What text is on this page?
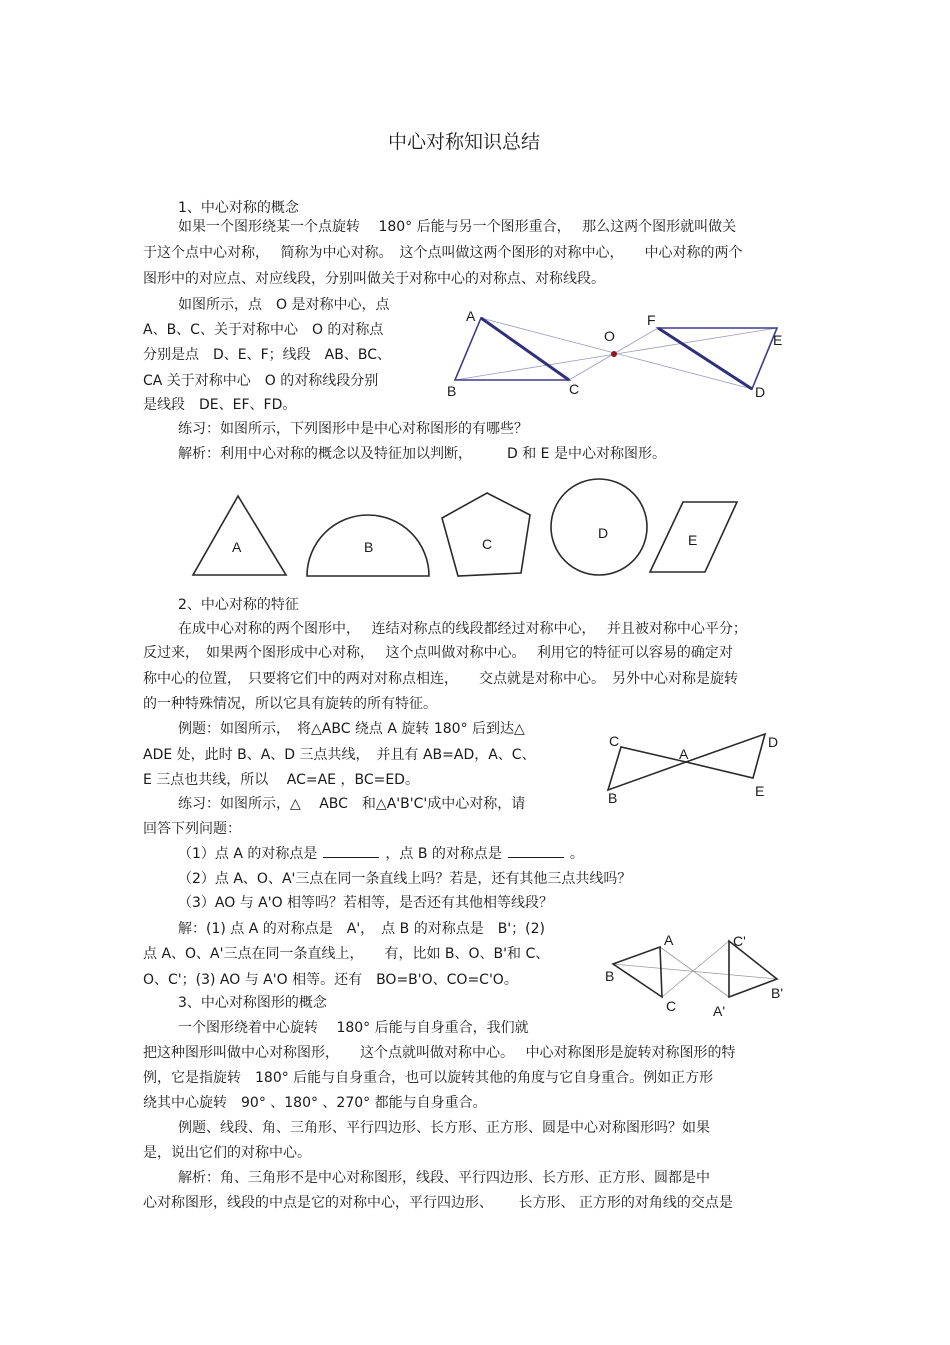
中心对称知识总结
1、中心对称的概念
如果一个图形绕某一个点旋转　 180° 后能与另一个图形重合，　 那么这两个图形就叫做关
于这个点中心对称，　 简称为中心对称。　这个点叫做这两个图形的对称中心，　　中心对称的两个
图形中的对应点、对应线段，分别叫做关于对称中心的对称点、对称线段。
如图所示，点　O 是对称中心，点
A、B、C、关于对称中心　O 的对称点
分别是点　D、E、F；线段　AB、BC、
CA 关于对称中心　O 的对称线段分别
是线段　DE、EF、FD。
A
B	C
O
F
E
D
练习：如图所示，下列图形中是中心对称图形的有哪些？
解析：利用中心对称的概念以及特征加以判断，　　　D 和 E 是中心对称图形。
A	B	C
D	E
2、中心对称的特征
在成中心对称的两个图形中，　 连结对称点的线段都经过对称中心，　 并且被对称中心平分；
反过来，　如果两个图形成中心对称，　 这个点叫做对称中心。　 利用它的特征可以容易的确定对
称中心的位置，　只要将它们中的两对对称点相连，　　交点就是对称中心。　另外中心对称是旋转
的一种特殊情况，所以它具有旋转的所有特征。
例题：如图所示，　将△ABC 绕点 A 旋转 180° 后到达△
ADE 处，此时 B、A、D 三点共线，　并且有 AB=AD，A、C、
E 三点也共线，所以　 AC=AE ，BC=ED。
C
A
D
B	E
练习：如图所示，△　 ABC　和△A'B'C'成中心对称，请
回答下列问题：
（1）点 A 的对称点是	，点 B 的对称点是	。
（2）点 A、O、A'三点在同一条直线上吗？若是，还有其他三点共线吗？
（3）AO 与 A'O 相等吗？若相等，是否还有其他相等线段？
解：(1) 点 A 的对称点是　A'，　点 B 的对称点是　B'；(2)
点 A、O、A'三点在同一条直线上，　　有，比如 B、O、B'和 C、
O、C'；(3) AO 与 A'O 相等。还有　BO=B'O、CO=C'O。
A	C'
B
C
B'
A'
3、中心对称图形的概念
一个图形绕着中心旋转　 180° 后能与自身重合，我们就
把这种图形叫做中心对称图形，　　这个点就叫做对称中心。　 中心对称图形是旋转对称图形的特
例，它是指旋转　180° 后能与自身重合，也可以旋转其他的角度与它自身重合。例如正方形
绕其中心旋转　90° 、180° 、270° 都能与自身重合。
例题、线段、角、三角形、平行四边形、长方形、正方形、圆是中心对称图形吗？如果
是，说出它们的对称中心。
解析：角、三角形不是中心对称图形，线段、平行四边形、长方形、正方形、圆都是中
心对称图形，线段的中点是它的对称中心，平行四边形、　　 长方形、 正方形的对角线的交点是
